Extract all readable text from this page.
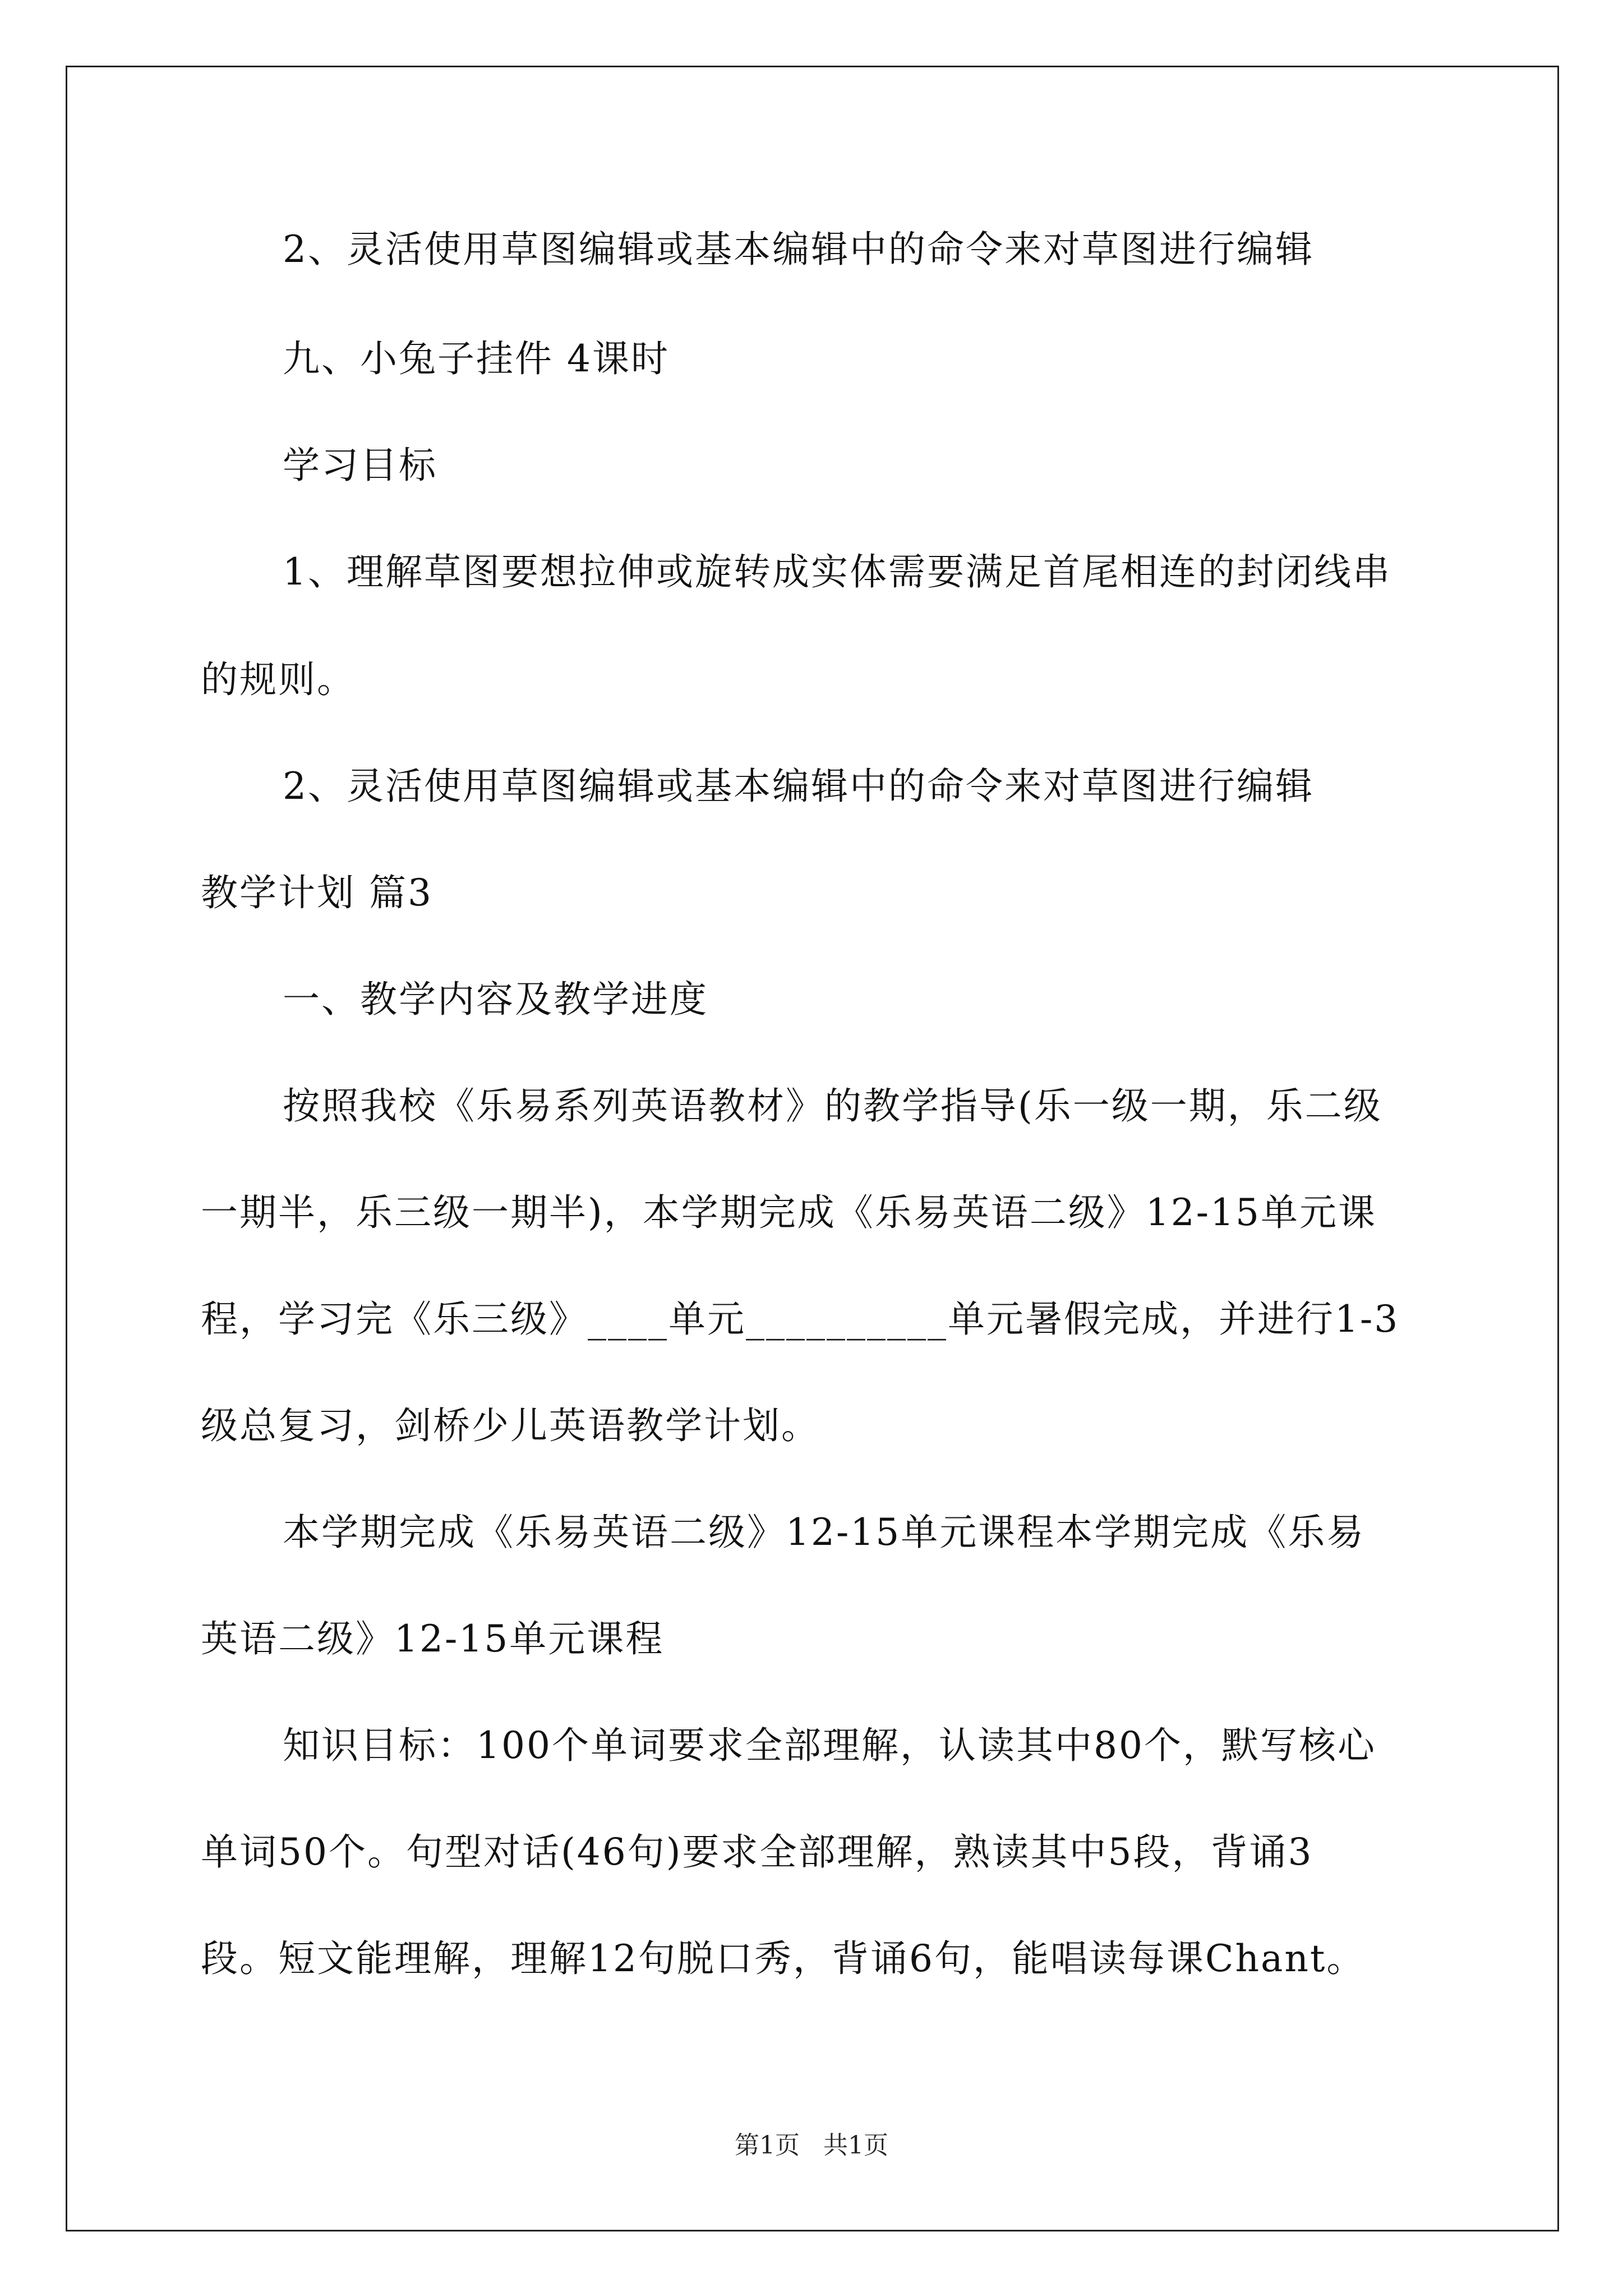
2、灵活使用草图编辑或基本编辑中的命令来对草图进行编辑
九、小兔子挂件 4课时
学习目标
1、理解草图要想拉伸或旋转成实体需要满足首尾相连的封闭线串
的规则。
2、灵活使用草图编辑或基本编辑中的命令来对草图进行编辑
教学计划 篇3
一、教学内容及教学进度
按照我校《乐易系列英语教材》的教学指导(乐一级一期，乐二级
一期半，乐三级一期半)，本学期完成《乐易英语二级》12-15单元课
程，学习完《乐三级》____单元__________单元暑假完成，并进行1-3
级总复习，剑桥少儿英语教学计划。
本学期完成《乐易英语二级》12-15单元课程本学期完成《乐易
英语二级》12-15单元课程
知识目标：100个单词要求全部理解，认读其中80个，默写核心
单词50个。句型对话(46句)要求全部理解，熟读其中5段，背诵3
段。短文能理解，理解12句脱口秀，背诵6句，能唱读每课Chant。
第1页   共1页
